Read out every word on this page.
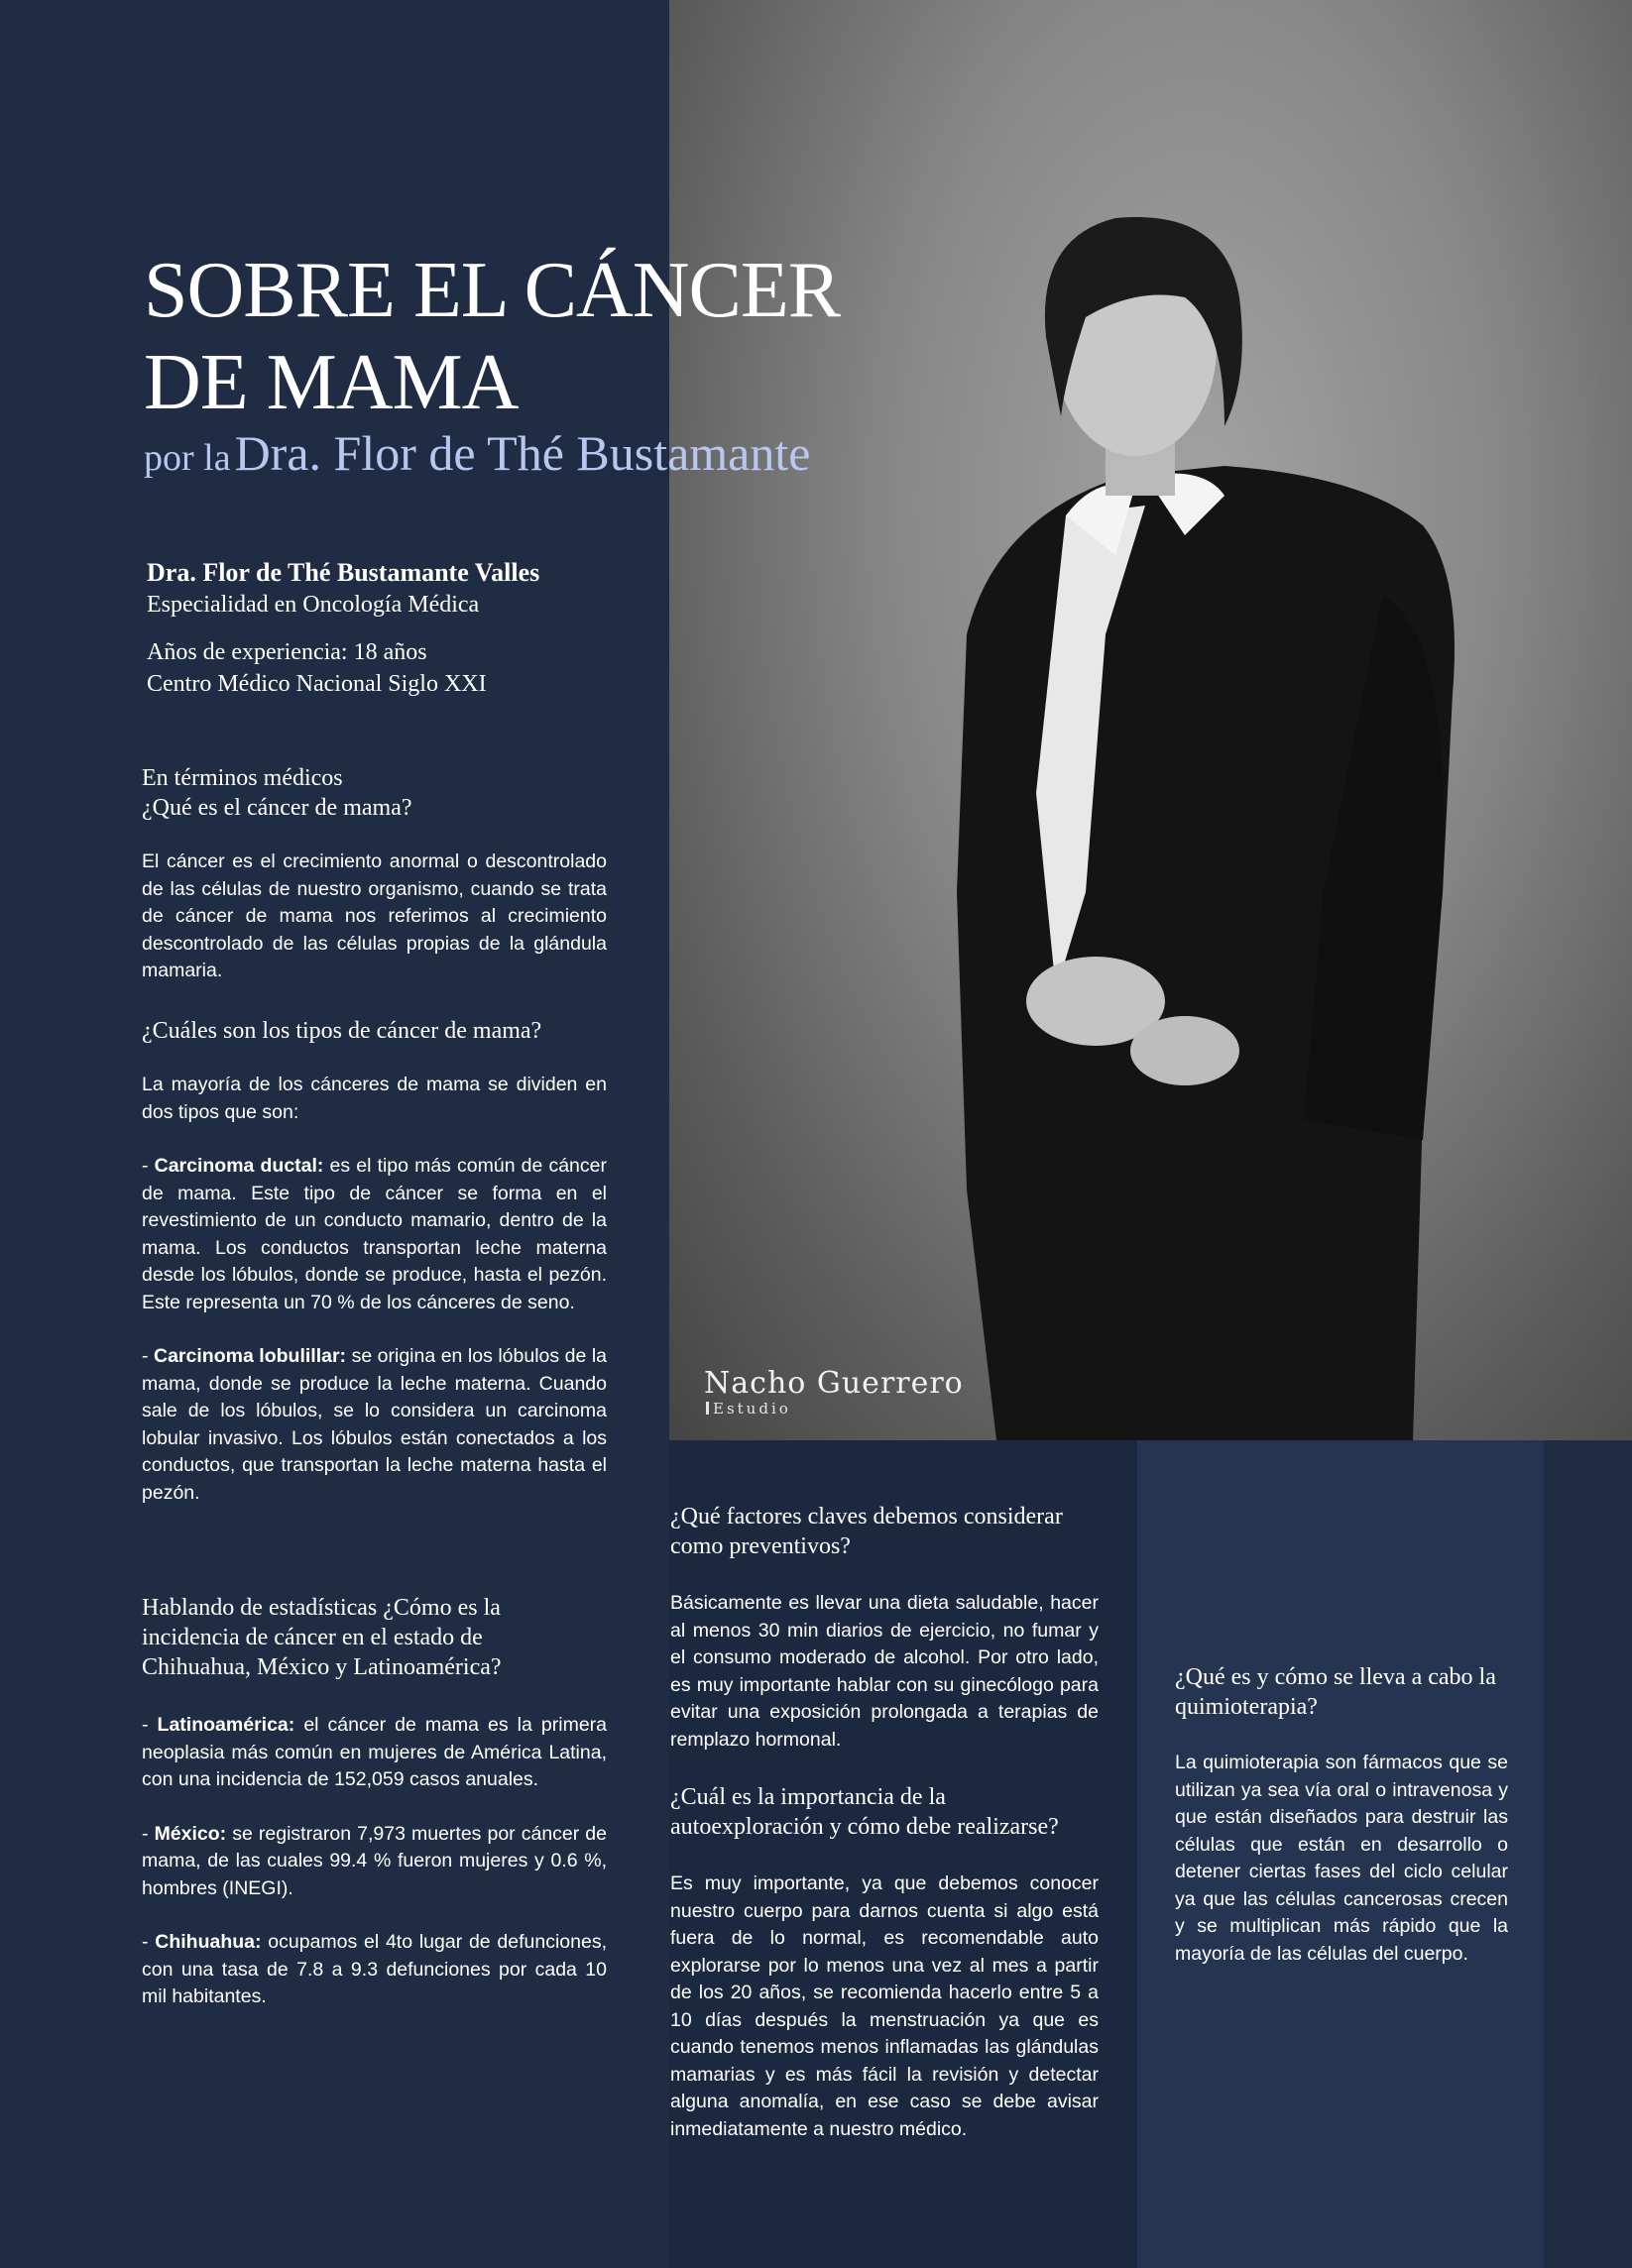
Nacho Guerrero
Estudio
SOBRE EL CÁNCER
DE MAMA
por la Dra. Flor de Thé Bustamante
Dra. Flor de Thé Bustamante Valles
Especialidad en Oncología Médica
Años de experiencia: 18 años
Centro Médico Nacional Siglo XXI
En términos médicos
¿Qué es el cáncer de mama?

El cáncer es el crecimiento anormal o descontrolado de las células de nuestro organismo, cuando se trata de cáncer de mama nos referimos al crecimiento descontrolado de las células propias de la glándula mamaria.

¿Cuáles son los tipos de cáncer de mama?

La mayoría de los cánceres de mama se dividen en dos tipos que son:

- Carcinoma ductal: es el tipo más común de cáncer de mama. Este tipo de cáncer se forma en el revestimiento de un conducto mamario, dentro de la mama. Los conductos transportan leche materna desde los lóbulos, donde se produce, hasta el pezón. Este representa un 70 % de los cánceres de seno.

- Carcinoma lobulillar: se origina en los lóbulos de la mama, donde se produce la leche materna. Cuando sale de los lóbulos, se lo considera un carcinoma lobular invasivo. Los lóbulos están conectados a los conductos, que transportan la leche materna hasta el pezón.

Hablando de estadísticas ¿Cómo es la
incidencia de cáncer en el estado de
Chihuahua, México y Latinoamérica?

- Latinoamérica: el cáncer de mama es la primera neoplasia más común en mujeres de América Latina, con una incidencia de 152,059 casos anuales.

- México: se registraron 7,973 muertes por cáncer de mama, de las cuales 99.4 % fueron mujeres y 0.6 %, hombres (INEGI).

- Chihuahua: ocupamos el 4to lugar de defunciones, con una tasa de 7.8 a 9.3 defunciones por cada 10 mil habitantes.

¿Qué factores claves debemos considerar
como preventivos?

Básicamente es llevar una dieta saludable, hacer al menos 30 min diarios de ejercicio, no fumar y el consumo moderado de alcohol. Por otro lado, es muy importante hablar con su ginecólogo para evitar una exposición prolongada a terapias de remplazo hormonal.

¿Cuál es la importancia de la
autoexploración y cómo debe realizarse?

Es muy importante, ya que debemos conocer nuestro cuerpo para darnos cuenta si algo está fuera de lo normal, es recomendable auto explorarse por lo menos una vez al mes a partir de los 20 años, se recomienda hacerlo entre 5 a 10 días después la menstruación ya que es cuando tenemos menos inflamadas las glándulas mamarias y es más fácil la revisión y detectar alguna anomalía, en ese caso se debe avisar inmediatamente a nuestro médico.

¿Qué es y cómo se lleva a cabo la
quimioterapia?

La quimioterapia son fármacos que se utilizan ya sea vía oral o intravenosa y que están diseñados para destruir las células que están en desarrollo o detener ciertas fases del ciclo celular ya que las células cancerosas crecen y se multiplican más rápido que la mayoría de las células del cuerpo.
